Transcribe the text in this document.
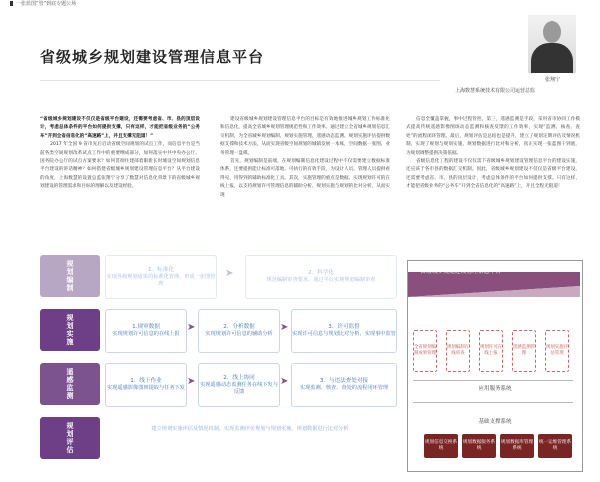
一张蓝图“管”到底专题公场
省级城乡规划建设管理信息平台
张翔宁
上海数慧系统技术有限公司运营总监

“省级城乡规划建设不仅仅是省级平台建设，还需要考虑省、市、县的顶层设计，考虑总体条件的平台如何提供支撑，只有这样，才能把省级业务的“公务车”开到全省信息化的“高速路”上，并且支撑无阻道！”

2017 年全国 9 省市先后启动省级空间规划的试点工作，而信息平台是当前各类空间规划改革试点工作中的重要纲成部分，如何落实中共中央办公厅、国务院办公厅的试点方案要求？如何贯彻住建部着眼新长时城设空间规划信息平台建设的讲话精神？如何搭建省级城乡规划建设管理信息平台？从平台建设的角度，上海数慧的设置总监张翔宁分享了数慧对信息化背景下的省级城乡规划建设的管理需求和目标的理解以及建设经验。

建设省级城乡规划建设管理信息平台的目标是有效地推进城乡规划工作标准化和信息化，提高全省城乡规划管理规范性和工作效率。通过建立全省城乡规划信息汇交机制，为全省城乡规划编制、规划实施管理、遥感动态监测、规划实施评估提供数据支撑和技术方法，从而实现省级空间规划的城镇发展一本账，空间数据一张图、业务管理一盘棋。

首先，规划编制是前端，在规划编制信息化建设过程中不仅需要建立数据标准体系，还要提供能让标准可落地、可执行的有效手段，为设计人员、管理人员提供看得见、用得到的辅助标准化工具。其次，实施管理的重点是数据、实现规划许可的在线上报，以支持规划许可管理信息的辅助分析、规划实施与规划的比对分析，从而实现

信息全覆盖掌握，事中过程管控。第三，遥感监测是手段，采用省市协同工作模式提高传统遥感影像图斑动态监测和核查反馈的工作效率，实现“监测、核查、查处”的流程闭环管理。最后，规划评估是总结也是提升，建立了规划定期评估及情况机制，实现了规划与规划实施、规划数据进行比对和分析，真正实现一张蓝图干到底，为规划调整提供决策依据。

省级信息化工程的建设不仅仅需下省级城乡规划建设管理信息平台的建设实施，还应该于各市县的数据汇交机制。因此，省级城乡规划建设不仅仅是省级平台建设，还需要考虑省、市、县的顶层设计，考虑总体条件的平台如何提供支撑。只有这样，才能把省级业务的“公务车”开到全省信息化的“高速路”上，开且全程无阻道！

规划编制
规划实施
遥感监测
规划评估
1．标准化
实现各级规划成果的标准化管理，形成一张图管理
➤	2．科学化
规范编制审查要求，通过平台实现规划编制审查
1.规审数据
实现规划许可信息的在线上报
➤	2．分析数据
实现规划许可信息的辅助分析
➤	3．许可监督
实现许可信息与规划比对分析，实现事中监管
1．线下作业
实现遥感影像图斑提取与任务下发
➤	2．线上协同
实现遥感动态监测任务在线下发与反馈
➤	3．与违法查处对接
实现监测、核查、查处的流程闭环管理
建立规划实施评估及情况机制，实现监测评价规划与规划实施，规划数据进行比对分析
省级城乡规划建设管理信息平台
全省规划编制成果管理
规划编制在线审查
规划许可在线上报
遥感监测管理
规划实施评估管理
应用服务系统
基础支撑系统
规划信息交换系统
规划数据服务系统
规划数据库管理系统
统一运维管理系统
